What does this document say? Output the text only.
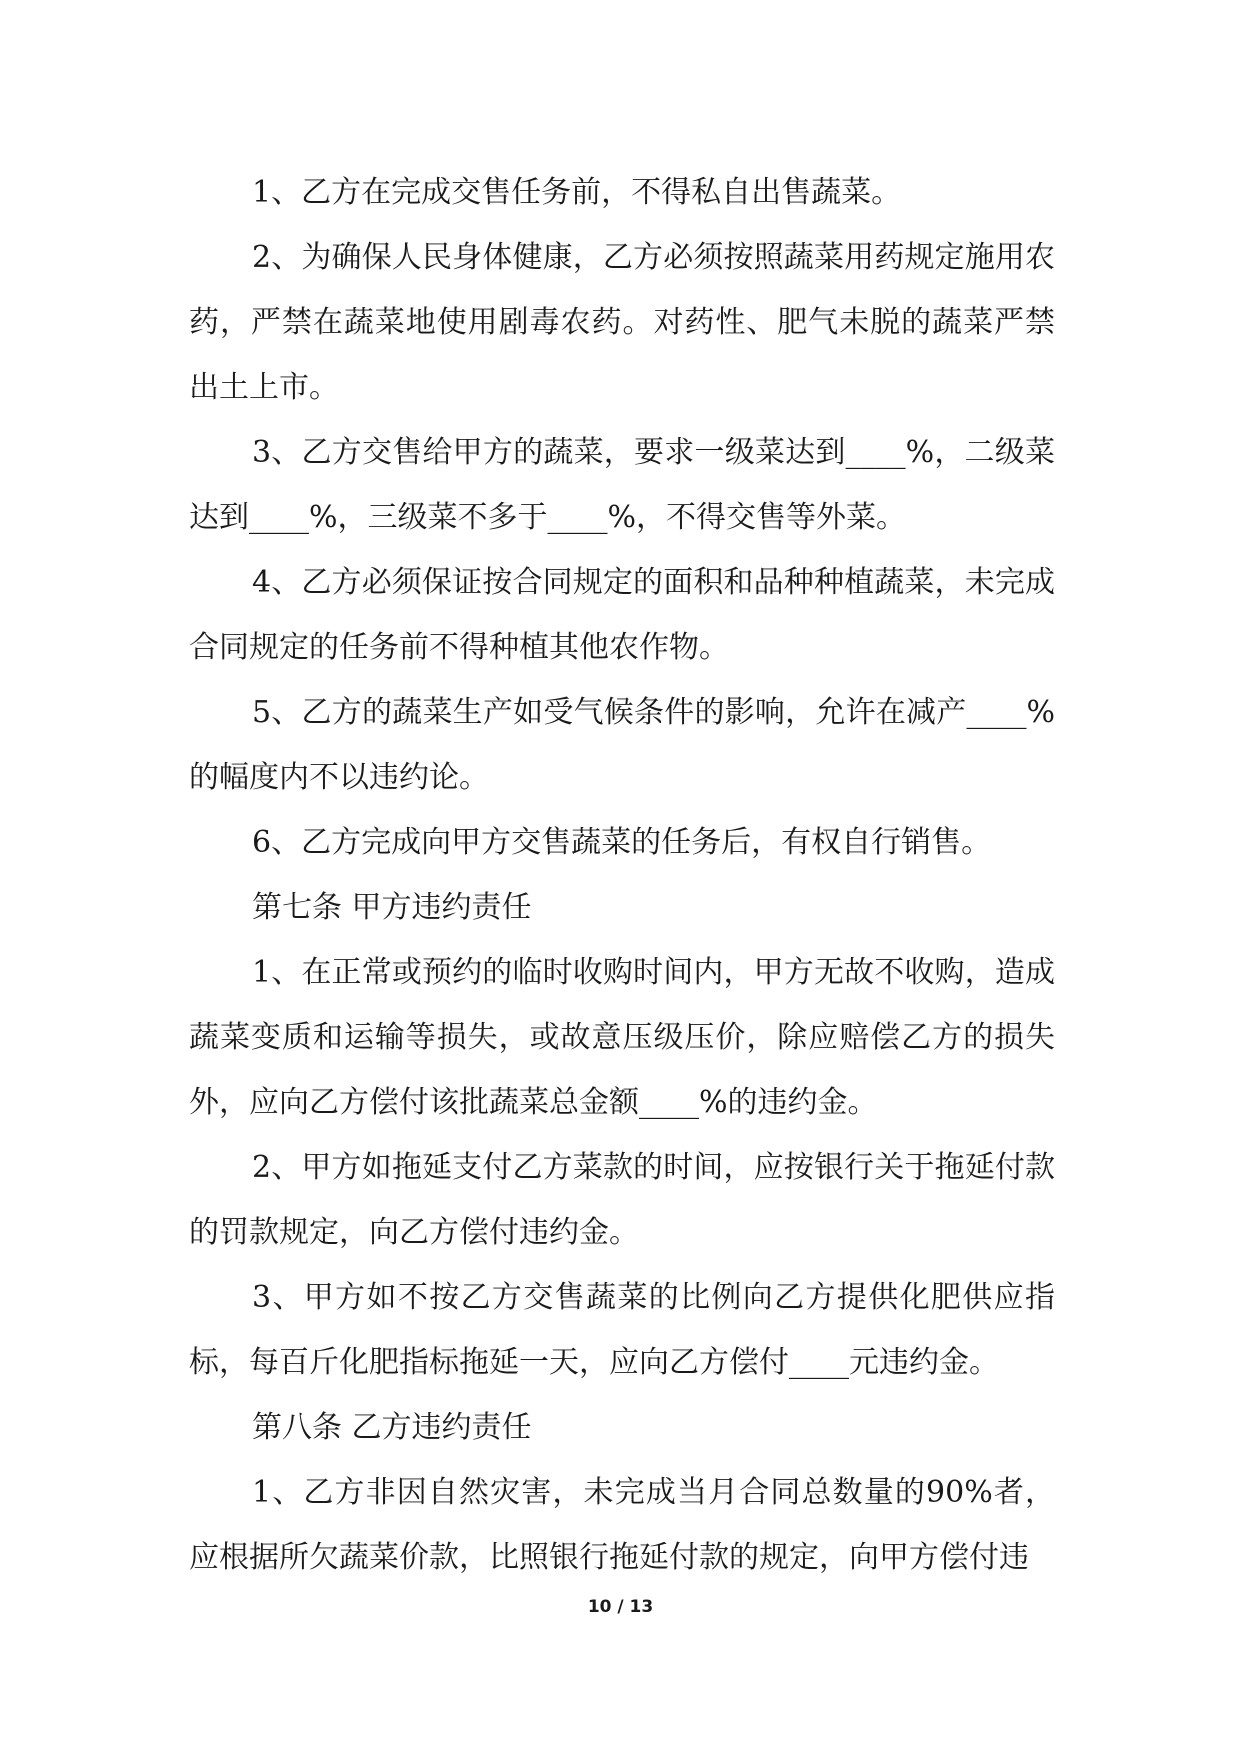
1、乙方在完成交售任务前，不得私自出售蔬菜。

2、为确保人民身体健康，乙方必须按照蔬菜用药规定施用农药，严禁在蔬菜地使用剧毒农药。对药性、肥气未脱的蔬菜严禁出土上市。

3、乙方交售给甲方的蔬菜，要求一级菜达到____%，二级菜达到____%，三级菜不多于____%，不得交售等外菜。

4、乙方必须保证按合同规定的面积和品种种植蔬菜，未完成合同规定的任务前不得种植其他农作物。

5、乙方的蔬菜生产如受气候条件的影响，允许在减产____%的幅度内不以违约论。

6、乙方完成向甲方交售蔬菜的任务后，有权自行销售。

第七条 甲方违约责任

1、在正常或预约的临时收购时间内，甲方无故不收购，造成蔬菜变质和运输等损失，或故意压级压价，除应赔偿乙方的损失外，应向乙方偿付该批蔬菜总金额____%的违约金。

2、甲方如拖延支付乙方菜款的时间，应按银行关于拖延付款的罚款规定，向乙方偿付违约金。

3、甲方如不按乙方交售蔬菜的比例向乙方提供化肥供应指标，每百斤化肥指标拖延一天，应向乙方偿付____元违约金。

第八条 乙方违约责任

1、乙方非因自然灾害，未完成当月合同总数量的90%者，应根据所欠蔬菜价款，比照银行拖延付款的规定，向甲方偿付违

10 / 13
